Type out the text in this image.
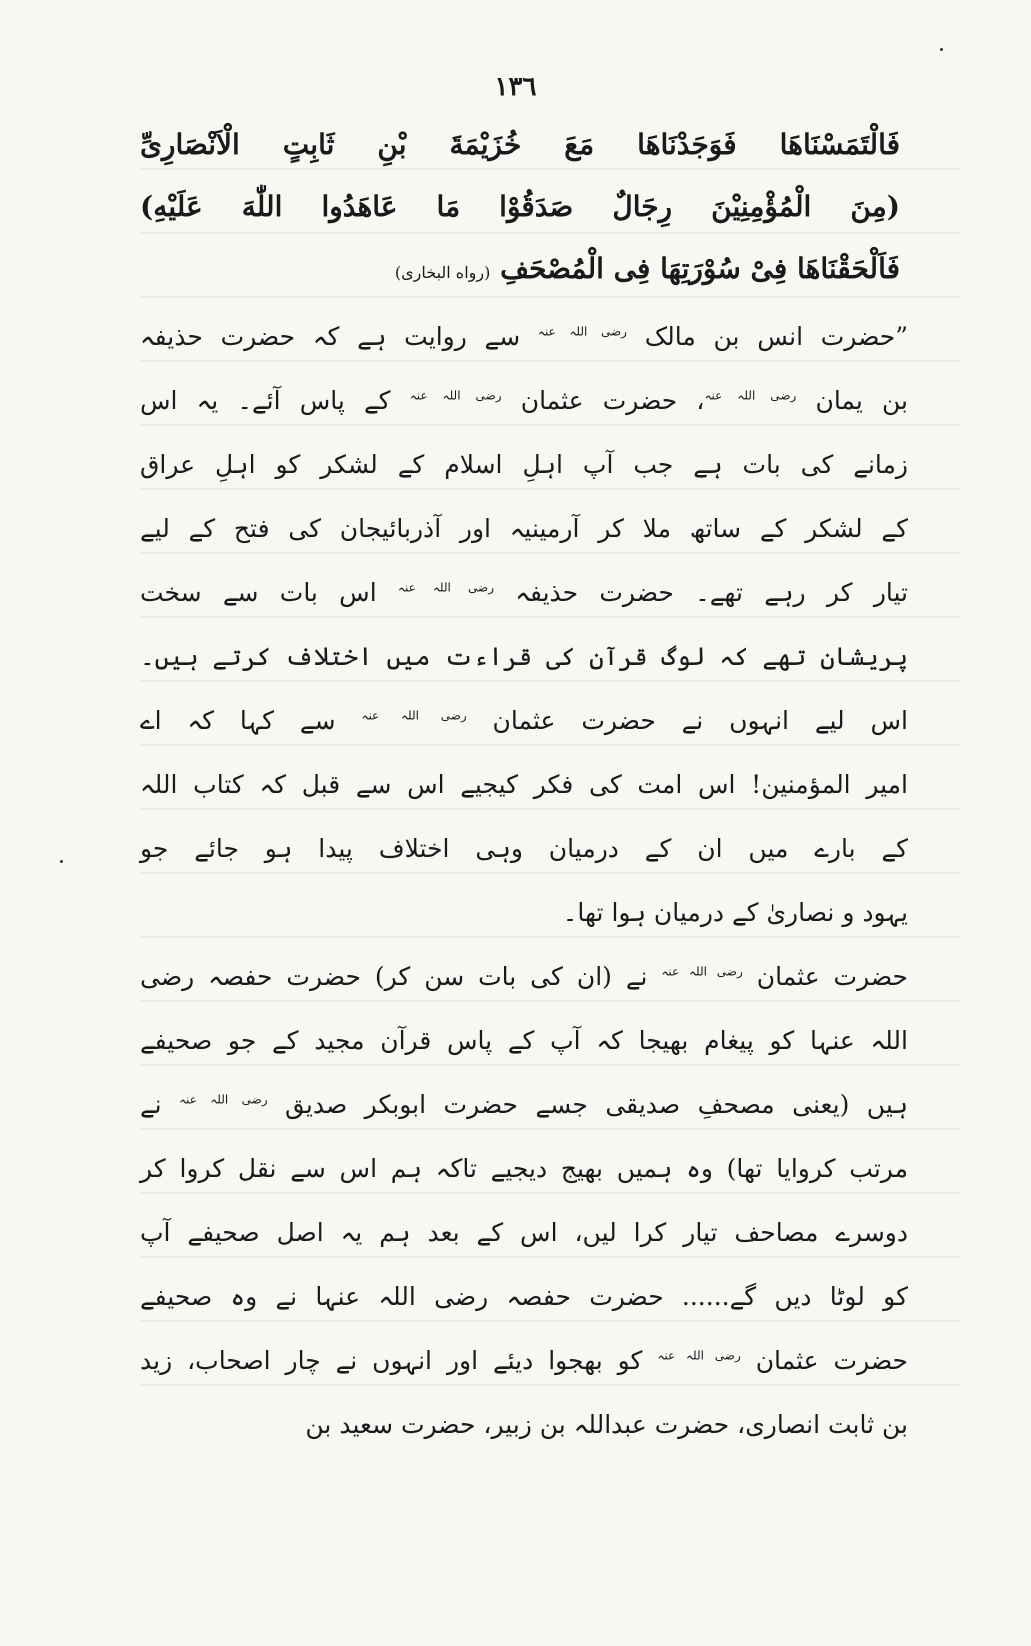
١٣٦
فَالْتَمَسْنَاهَا فَوَجَدْنَاهَا مَعَ خُزَيْمَةَ بْنِ ثَابِتٍ الْاَنْصَارِیِّ
(مِنَ الْمُؤْمِنِيْنَ رِجَالٌ صَدَقُوْا مَا عَاهَدُوا اللّٰهَ عَلَيْهِ)
فَاَلْحَقْنَاهَا فِیْ سُوْرَتِهَا فِی الْمُصْحَفِ (رواه البخاری)
”حضرت انس بن مالک $^{رضی اللہ عنہ}$ سے روایت ہے کہ حضرت حذیفہ
بن یمان $^{رضی اللہ عنہ}$، حضرت عثمان $^{رضی اللہ عنہ}$ کے پاس آئے۔ یہ اس
زمانے کی بات ہے جب آپ اہلِ اسلام کے لشکر کو اہلِ عراق
کے لشکر کے ساتھ ملا کر آرمینیہ اور آذربائیجان کی فتح کے لیے
تیار کر رہے تھے۔ حضرت حذیفہ $^{رضی اللہ عنہ}$ اس بات سے سخت
پریشان تھے کہ لوگ قرآن کی قراءت میں اختلاف کرتے ہیں۔
اس لیے انہوں نے حضرت عثمان $^{رضی اللہ عنہ}$ سے کہا کہ اے
امیر المؤمنین! اس امت کی فکر کیجیے اس سے قبل کہ کتاب اللہ
کے بارے میں ان کے درمیان وہی اختلاف پیدا ہو جائے جو
یہود و نصاریٰ کے درمیان ہوا تھا۔
حضرت عثمان $^{رضی اللہ عنہ}$ نے (ان کی بات سن کر) حضرت حفصہ رضی
اللہ عنہا کو پیغام بھیجا کہ آپ کے پاس قرآن مجید کے جو صحیفے
ہیں (یعنی مصحفِ صدیقی جسے حضرت ابوبکر صدیق $^{رضی اللہ عنہ}$ نے
مرتب کروایا تھا) وہ ہمیں بھیج دیجیے تاکہ ہم اس سے نقل کروا کر
دوسرے مصاحف تیار کرا لیں، اس کے بعد ہم یہ اصل صحیفے آپ
کو لوٹا دیں گے...... حضرت حفصہ رضی اللہ عنہا نے وہ صحیفے
حضرت عثمان $^{رضی اللہ عنہ}$ کو بھجوا دیئے اور انہوں نے چار اصحاب، زید
بن ثابت انصاری، حضرت عبداللہ بن زبیر، حضرت سعید بن
